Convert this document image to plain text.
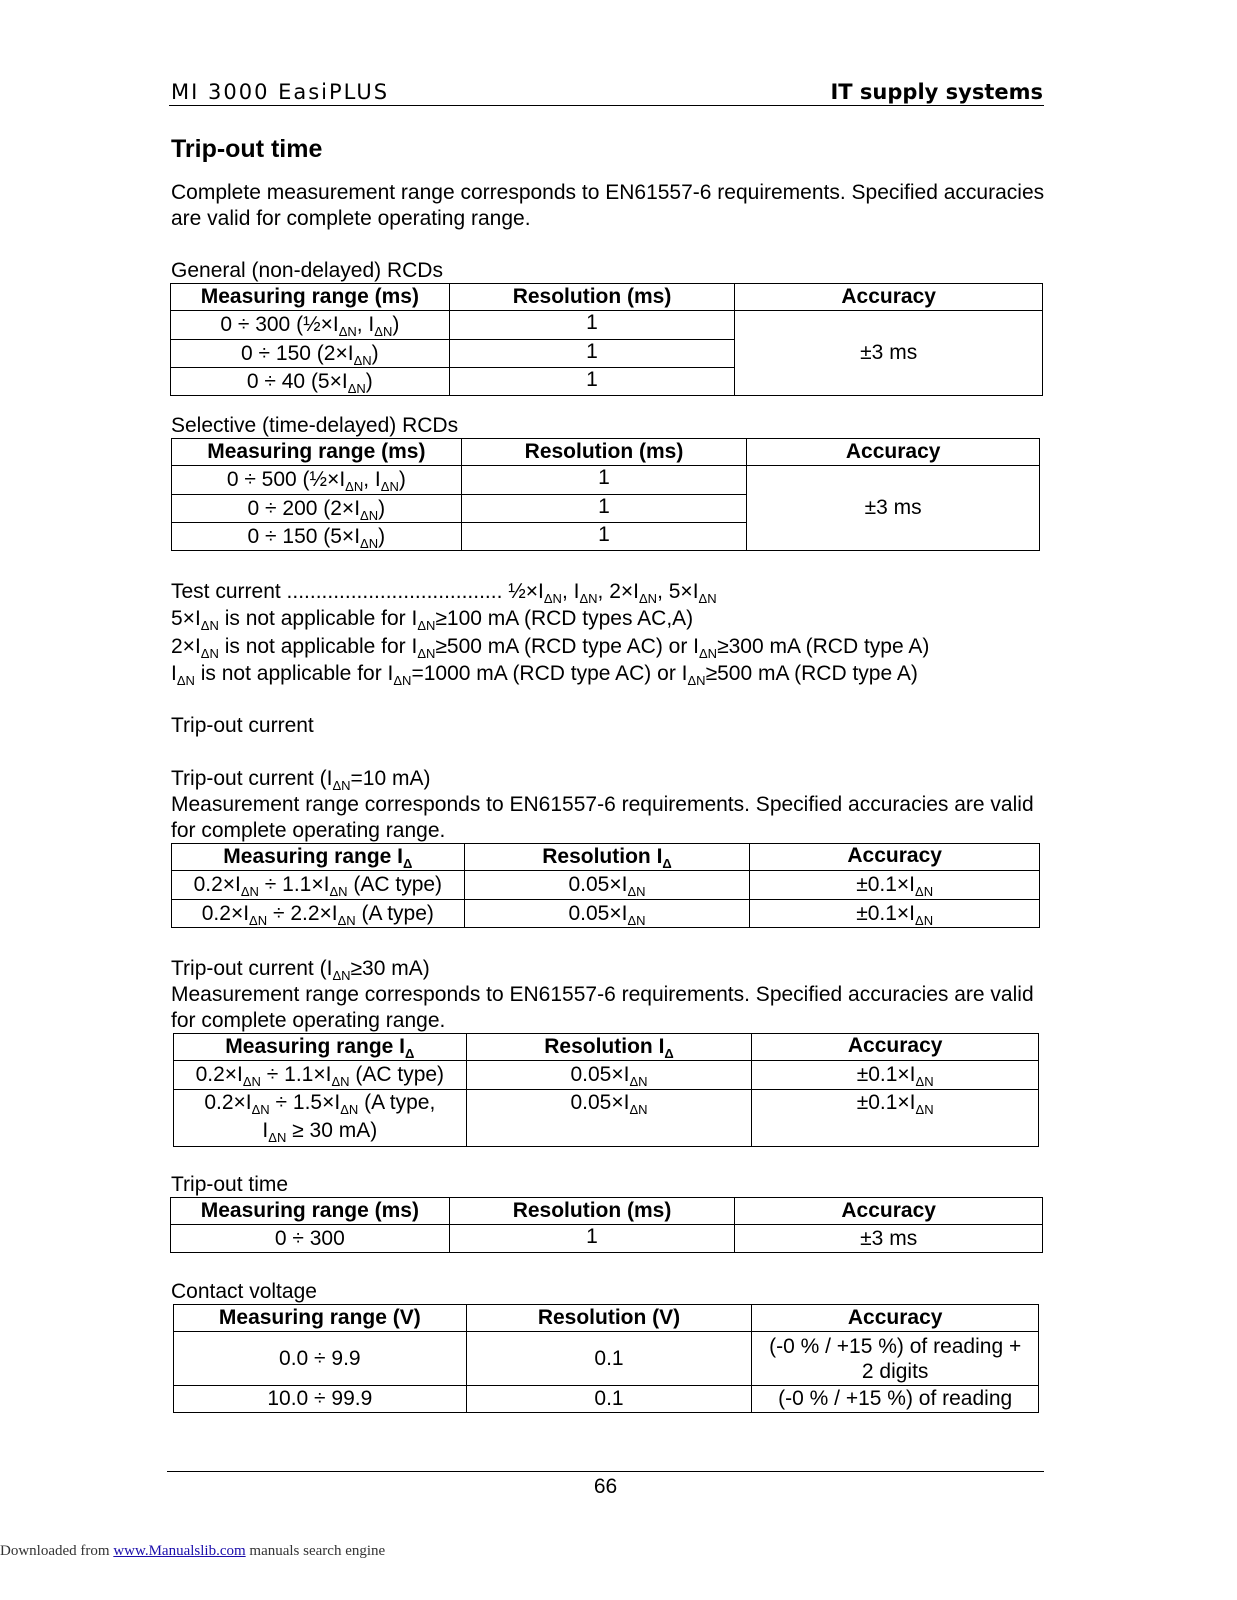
MI 3000 EasiPLUS	IT supply systems
Trip-out time
Complete measurement range corresponds to EN61557-6 requirements. Specified accuracies are valid for complete operating range.
General (non-delayed) RCDs
Measuring range (ms)	Resolution (ms)	Accuracy
0 ÷ 300 ($\frac{1}{2}\times I_{\Delta N}$, $I_{\Delta N}$)	1	±3 ms
0 ÷ 150 $(2\times I_{\Delta N})$	1	
0 ÷ 40 $(5\times I_{\Delta N})$	1	
Selective (time-delayed) RCDs
Measuring range (ms)	Resolution (ms)	Accuracy
0 ÷ 500 ($\frac{1}{2}\times I_{\Delta N}$, $I_{\Delta N}$)	1	±3 ms
0 ÷ 200 $(2\times I_{\Delta N})$	1	
0 ÷ 150 $(5\times I_{\Delta N})$	1	
Test current ..................................... $\frac{1}{2}\times I_{\Delta N}$, $I_{\Delta N}$, $2\times I_{\Delta N}$, $5\times I_{\Delta N}$
$5\times I_{\Delta N}$ is not applicable for $I_{\Delta N}\ge 100$ mA (RCD types AC,A)
$2\times I_{\Delta N}$ is not applicable for $I_{\Delta N}\ge 500$ mA (RCD type AC) or $I_{\Delta N}\ge 300$ mA (RCD type A)
$I_{\Delta N}$ is not applicable for $I_{\Delta N}=1000$ mA (RCD type AC) or $I_{\Delta N}\ge 500$ mA (RCD type A)
Trip-out current
Trip-out current ($I_{\Delta N}=10$ mA)
Measurement range corresponds to EN61557-6 requirements. Specified accuracies are valid for complete operating range.
Measuring range $I_\Delta$	Resolution $I_\Delta$	Accuracy
$0.2\times I_{\Delta N} \div 1.1\times I_{\Delta N}$ (AC type)	$0.05\times I_{\Delta N}$	$\pm 0.1\times I_{\Delta N}$
$0.2\times I_{\Delta N} \div 2.2\times I_{\Delta N}$ (A type)	$0.05\times I_{\Delta N}$	$\pm 0.1\times I_{\Delta N}$
Trip-out current ($I_{\Delta N}\ge 30$ mA)
Measurement range corresponds to EN61557-6 requirements. Specified accuracies are valid for complete operating range.
Measuring range $I_\Delta$	Resolution $I_\Delta$	Accuracy
$0.2\times I_{\Delta N} \div 1.1\times I_{\Delta N}$ (AC type)	$0.05\times I_{\Delta N}$	$\pm 0.1\times I_{\Delta N}$
$0.2\times I_{\Delta N} \div 1.5\times I_{\Delta N}$ (A type,
$I_{\Delta N} \ge 30$ mA)	$0.05\times I_{\Delta N}$	$\pm 0.1\times I_{\Delta N}$
Trip-out time
Measuring range (ms)	Resolution (ms)	Accuracy
0 ÷ 300	1	±3 ms
Contact voltage
Measuring range (V)	Resolution (V)	Accuracy
0.0 ÷ 9.9	0.1	(-0 % / +15 %) of reading +
2 digits
10.0 ÷ 99.9	0.1	(-0 % / +15 %) of reading
66
Downloaded from www.Manualslib.com manuals search engine
